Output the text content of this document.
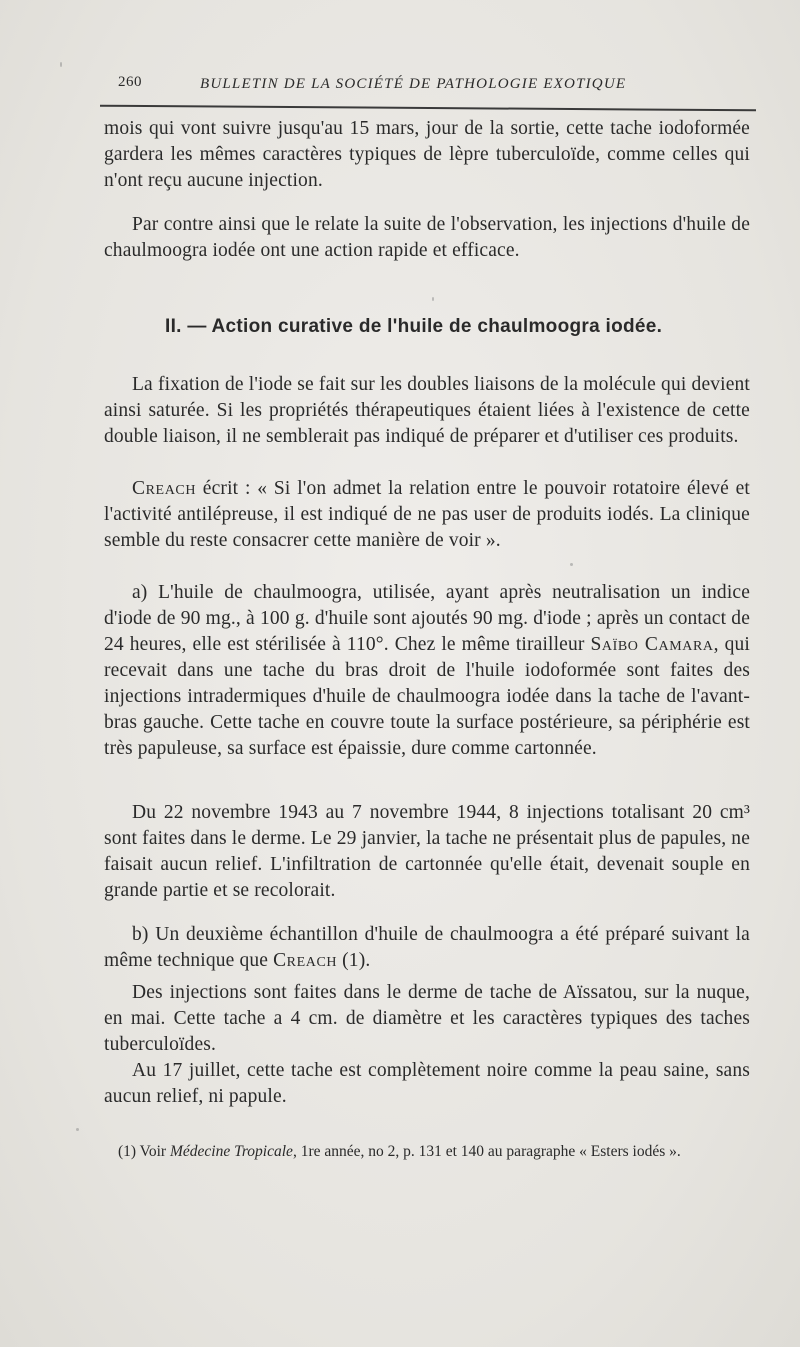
260	BULLETIN DE LA SOCIÉTÉ DE PATHOLOGIE EXOTIQUE

mois qui vont suivre jusqu'au 15 mars, jour de la sortie, cette tache iodoformée gardera les mêmes caractères typiques de lèpre tuberculoïde, comme celles qui n'ont reçu aucune injection.

Par contre ainsi que le relate la suite de l'observation, les injections d'huile de chaulmoogra iodée ont une action rapide et efficace.

II. — Action curative de l'huile de chaulmoogra iodée.

La fixation de l'iode se fait sur les doubles liaisons de la molécule qui devient ainsi saturée. Si les propriétés thérapeutiques étaient liées à l'existence de cette double liaison, il ne semblerait pas indiqué de préparer et d'utiliser ces produits.

Creach écrit : « Si l'on admet la relation entre le pouvoir rotatoire élevé et l'activité antilépreuse, il est indiqué de ne pas user de produits iodés. La clinique semble du reste consacrer cette manière de voir ».

a) L'huile de chaulmoogra, utilisée, ayant après neutralisation un indice d'iode de 90 mg., à 100 g. d'huile sont ajoutés 90 mg. d'iode ; après un contact de 24 heures, elle est stérilisée à 110°. Chez le même tirailleur Saïbo Camara, qui recevait dans une tache du bras droit de l'huile iodoformée sont faites des injections intradermiques d'huile de chaulmoogra iodée dans la tache de l'avant-bras gauche. Cette tache en couvre toute la surface postérieure, sa périphérie est très papuleuse, sa surface est épaissie, dure comme cartonnée.

Du 22 novembre 1943 au 7 novembre 1944, 8 injections totalisant 20 cm³ sont faites dans le derme. Le 29 janvier, la tache ne présentait plus de papules, ne faisait aucun relief. L'infiltration de cartonnée qu'elle était, devenait souple en grande partie et se recolorait.

b) Un deuxième échantillon d'huile de chaulmoogra a été préparé suivant la même technique que Creach (1).

Des injections sont faites dans le derme de tache de Aïssatou, sur la nuque, en mai. Cette tache a 4 cm. de diamètre et les caractères typiques des taches tuberculoïdes.

Au 17 juillet, cette tache est complètement noire comme la peau saine, sans aucun relief, ni papule.

(1) Voir Médecine Tropicale, 1re année, no 2, p. 131 et 140 au paragraphe « Esters iodés ».
